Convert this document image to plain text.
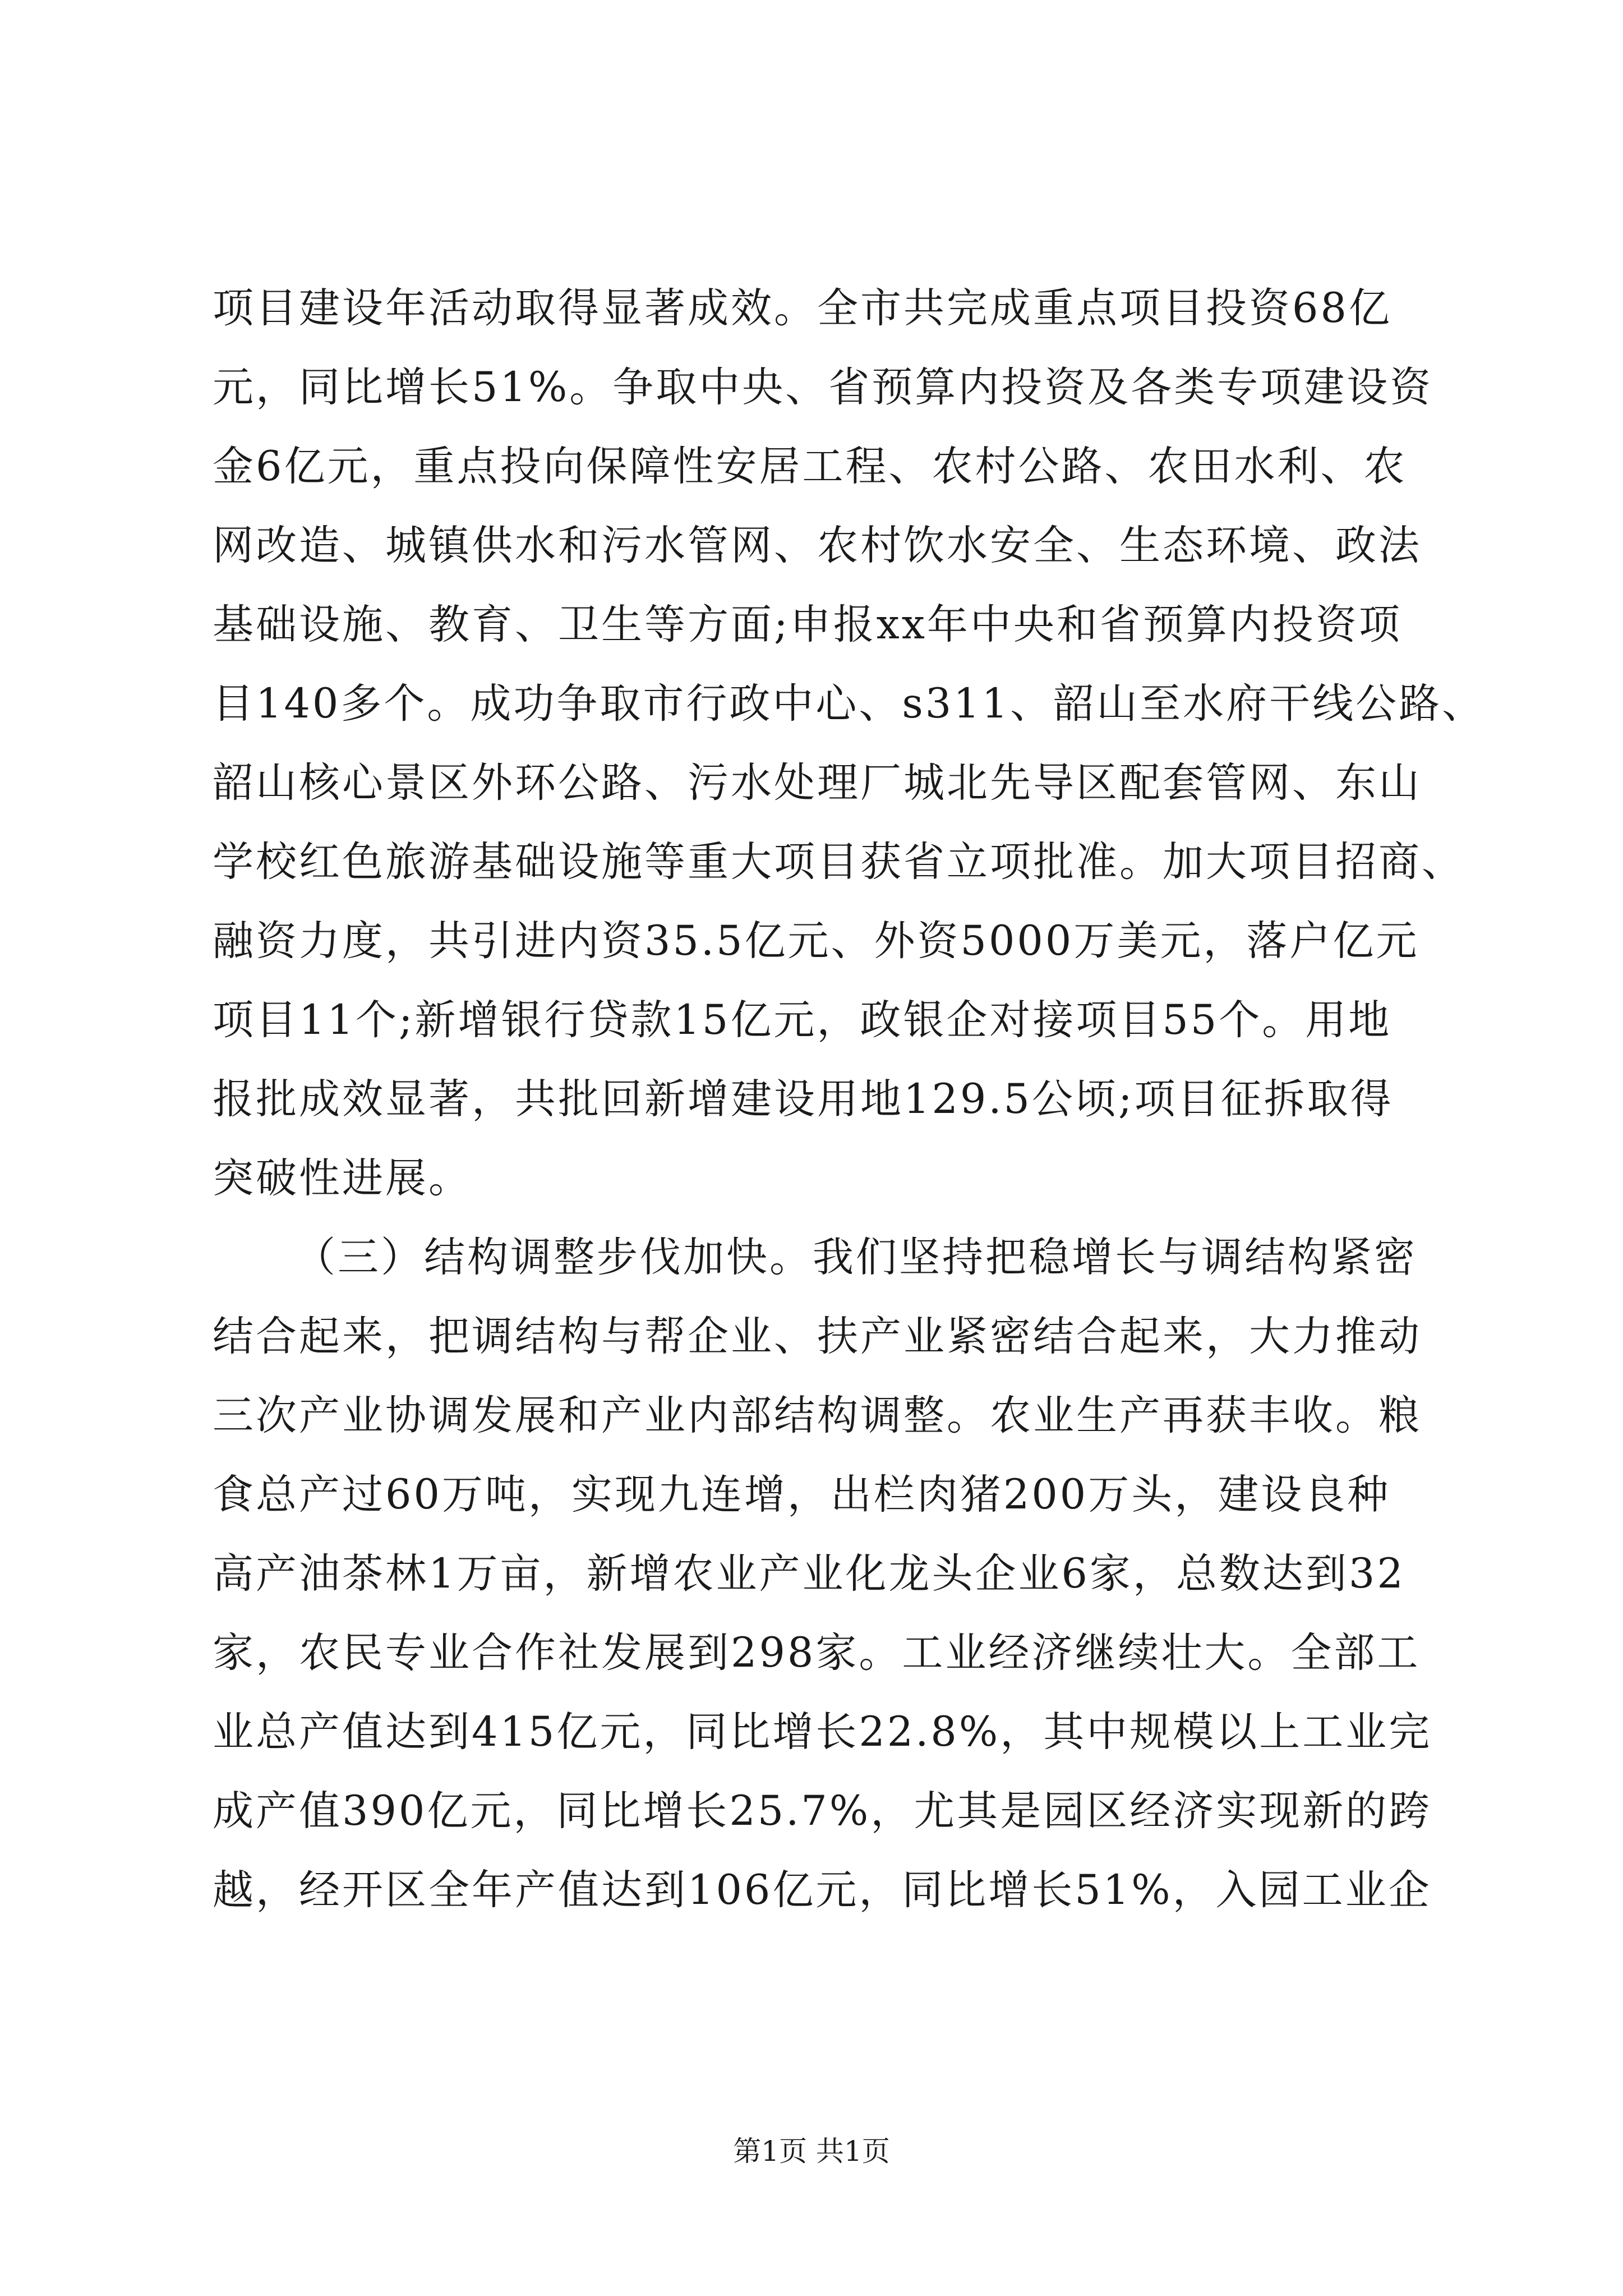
项目建设年活动取得显著成效。全市共完成重点项目投资68亿
元，同比增长51%。争取中央、省预算内投资及各类专项建设资
金6亿元，重点投向保障性安居工程、农村公路、农田水利、农
网改造、城镇供水和污水管网、农村饮水安全、生态环境、政法
基础设施、教育、卫生等方面;申报xx年中央和省预算内投资项
目140多个。成功争取市行政中心、s311、韶山至水府干线公路、
韶山核心景区外环公路、污水处理厂城北先导区配套管网、东山
学校红色旅游基础设施等重大项目获省立项批准。加大项目招商、
融资力度，共引进内资35.5亿元、外资5000万美元，落户亿元
项目11个;新增银行贷款15亿元，政银企对接项目55个。用地
报批成效显著，共批回新增建设用地129.5公顷;项目征拆取得
突破性进展。
（三）结构调整步伐加快。我们坚持把稳增长与调结构紧密
结合起来，把调结构与帮企业、扶产业紧密结合起来，大力推动
三次产业协调发展和产业内部结构调整。农业生产再获丰收。粮
食总产过60万吨，实现九连增，出栏肉猪200万头，建设良种
高产油茶林1万亩，新增农业产业化龙头企业6家，总数达到32
家，农民专业合作社发展到298家。工业经济继续壮大。全部工
业总产值达到415亿元，同比增长22.8%，其中规模以上工业完
成产值390亿元，同比增长25.7%，尤其是园区经济实现新的跨
越，经开区全年产值达到106亿元，同比增长51%，入园工业企
第1页 共1页
